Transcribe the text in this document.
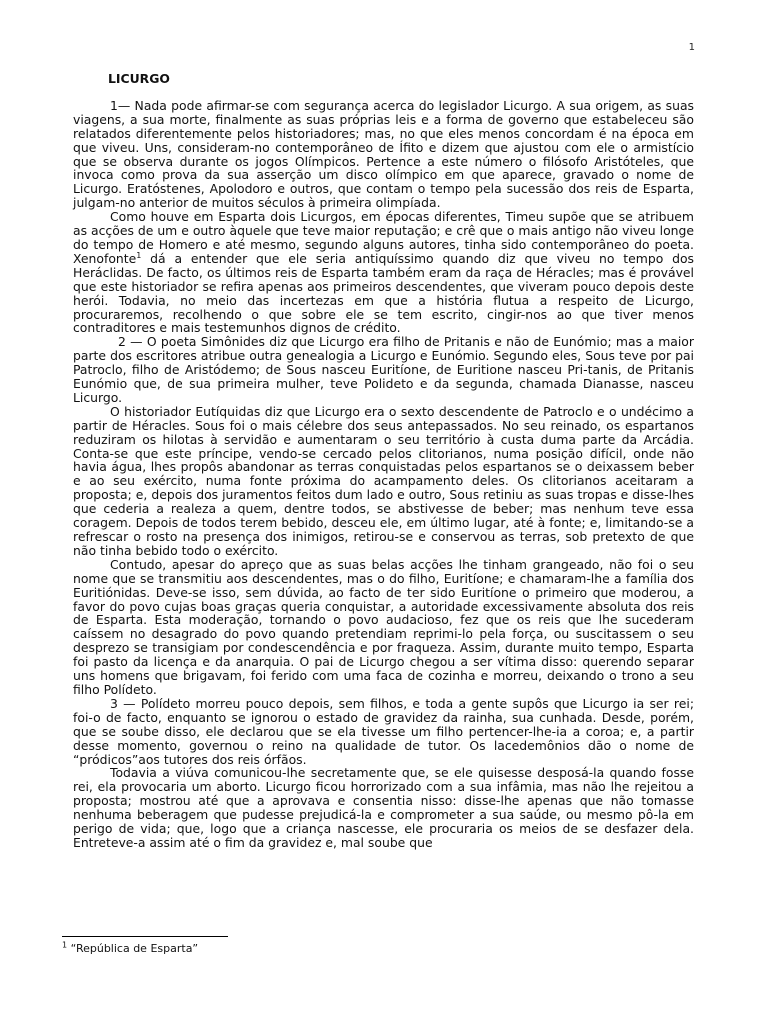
1
LICURGO

1— Nada pode afirmar-se com segurança acerca do legislador Licurgo. A sua origem, as suas viagens, a sua morte, finalmente as suas próprias leis e a forma de governo que estabeleceu são relatados diferentemente pelos historiadores; mas, no que eles menos concordam é na época em que viveu. Uns, consideram-no contemporâneo de Ífito e dizem que ajustou com ele o armistício que se observa durante os jogos Olímpicos. Pertence a este número o filósofo Aristóteles, que invoca como prova da sua asserção um disco olímpico em que aparece, gravado o nome de Licurgo. Eratóstenes, Apolodoro e outros, que contam o tempo pela sucessão dos reis de Esparta, julgam-no anterior de muitos séculos à primeira olimpíada.

Como houve em Esparta dois Licurgos, em épocas diferentes, Timeu supõe que se atribuem as acções de um e outro àquele que teve maior reputação; e crê que o mais antigo não viveu longe do tempo de Homero e até mesmo, segundo alguns autores, tinha sido contemporâneo do poeta. Xenofonte$^1$ dá a entender que ele seria antiquíssimo quando diz que viveu no tempo dos Heráclidas. De facto, os últimos reis de Esparta também eram da raça de Héracles; mas é provável que este historiador se refira apenas aos primeiros descendentes, que viveram pouco depois deste herói. Todavia, no meio das incertezas em que a história flutua a respeito de Licurgo, procuraremos, recolhendo o que sobre ele se tem escrito, cingir-nos ao que tiver menos contraditores e mais testemunhos dignos de crédito.

2 — O poeta Simônides diz que Licurgo era filho de Pritanis e não de Eunómio; mas a maior parte dos escritores atribue outra genealogia a Licurgo e Eunómio. Segundo eles, Sous teve por pai Patroclo, filho de Aristódemo; de Sous nasceu Euritíone, de Euritione nasceu Pri-tanis, de Pritanis Eunómio que, de sua primeira mulher, teve Polideto e da segunda, chamada Dianasse, nasceu Licurgo.

O historiador Eutíquidas diz que Licurgo era o sexto descendente de Patroclo e o undécimo a partir de Héracles. Sous foi o mais célebre dos seus antepassados. No seu reinado, os espartanos reduziram os hilotas à servidão e aumentaram o seu território à custa duma parte da Arcádia. Conta-se que este príncipe, vendo-se cercado pelos clitorianos, numa posição difícil, onde não havia água, lhes propôs abandonar as terras conquistadas pelos espartanos se o deixassem beber e ao seu exército, numa fonte próxima do acampamento deles. Os clitorianos aceitaram a proposta; e, depois dos juramentos feitos dum lado e outro, Sous retiniu as suas tropas e disse-lhes que cederia a realeza a quem, dentre todos, se abstivesse de beber; mas nenhum teve essa coragem. Depois de todos terem bebido, desceu ele, em último lugar, até à fonte; e, limitando-se a refrescar o rosto na presença dos inimigos, retirou-se e conservou as terras, sob pretexto de que não tinha bebido todo o exército.

Contudo, apesar do apreço que as suas belas acções lhe tinham grangeado, não foi o seu nome que se transmitiu aos descendentes, mas o do filho, Euritíone; e chamaram-lhe a família dos Euritiónidas. Deve-se isso, sem dúvida, ao facto de ter sido Euritíone o primeiro que moderou, a favor do povo cujas boas graças queria conquistar, a autoridade excessivamente absoluta dos reis de Esparta. Esta moderação, tornando o povo audacioso, fez que os reis que lhe sucederam caíssem no desagrado do povo quando pretendiam reprimi-lo pela força, ou suscitassem o seu desprezo se transigiam por condescendência e por fraqueza. Assim, durante muito tempo, Esparta foi pasto da licença e da anarquia. O pai de Licurgo chegou a ser vítima disso: querendo separar uns homens que brigavam, foi ferido com uma faca de cozinha e morreu, deixando o trono a seu filho Polídeto.

3 — Polídeto morreu pouco depois, sem filhos, e toda a gente supôs que Licurgo ia ser rei; foi-o de facto, enquanto se ignorou o estado de gravidez da rainha, sua cunhada. Desde, porém, que se soube disso, ele declarou que se ela tivesse um filho pertencer-lhe-ia a coroa; e, a partir desse momento, governou o reino na qualidade de tutor. Os lacedemônios dão o nome de “pródicos”aos tutores dos reis órfãos.

Todavia a viúva comunicou-lhe secretamente que, se ele quisesse desposá-la quando fosse rei, ela provocaria um aborto. Licurgo ficou horrorizado com a sua infâmia, mas não lhe rejeitou a proposta; mostrou até que a aprovava e consentia nisso: disse-lhe apenas que não tomasse nenhuma beberagem que pudesse prejudicá-la e comprometer a sua saúde, ou mesmo pô-la em perigo de vida; que, logo que a criança nascesse, ele procuraria os meios de se desfazer dela. Entreteve-a assim até o fim da gravidez e, mal soube que

$^1$ “República de Esparta”
